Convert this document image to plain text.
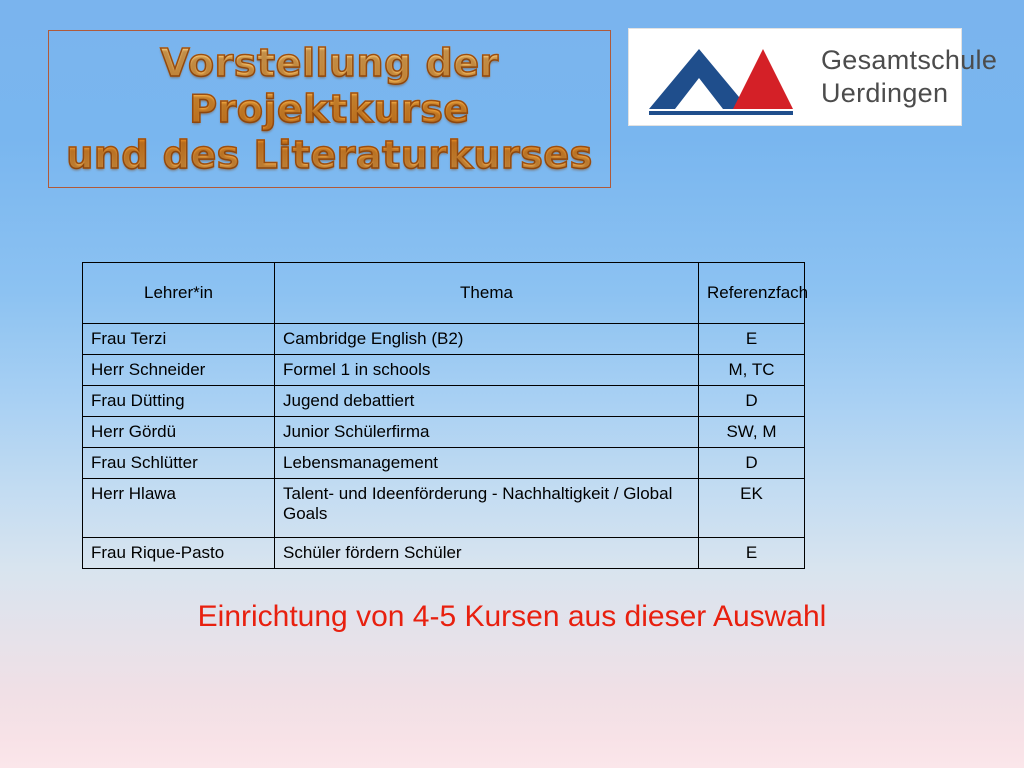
Vorstellung der
Projektkurse
und des Literaturkurses
Gesamtschule
Uerdingen
Lehrer*in	Thema	Referenzfach
Frau Terzi	Cambridge English (B2)	E
Herr Schneider	Formel 1 in schools	M, TC
Frau Dütting	Jugend debattiert	D
Herr Gördü	Junior Schülerfirma	SW, M
Frau Schlütter	Lebensmanagement	D
Herr Hlawa	Talent- und Ideenförderung - Nachhaltigkeit / Global Goals	EK
Frau Rique-Pasto	Schüler fördern Schüler	E
Einrichtung von 4-5 Kursen aus dieser Auswahl
